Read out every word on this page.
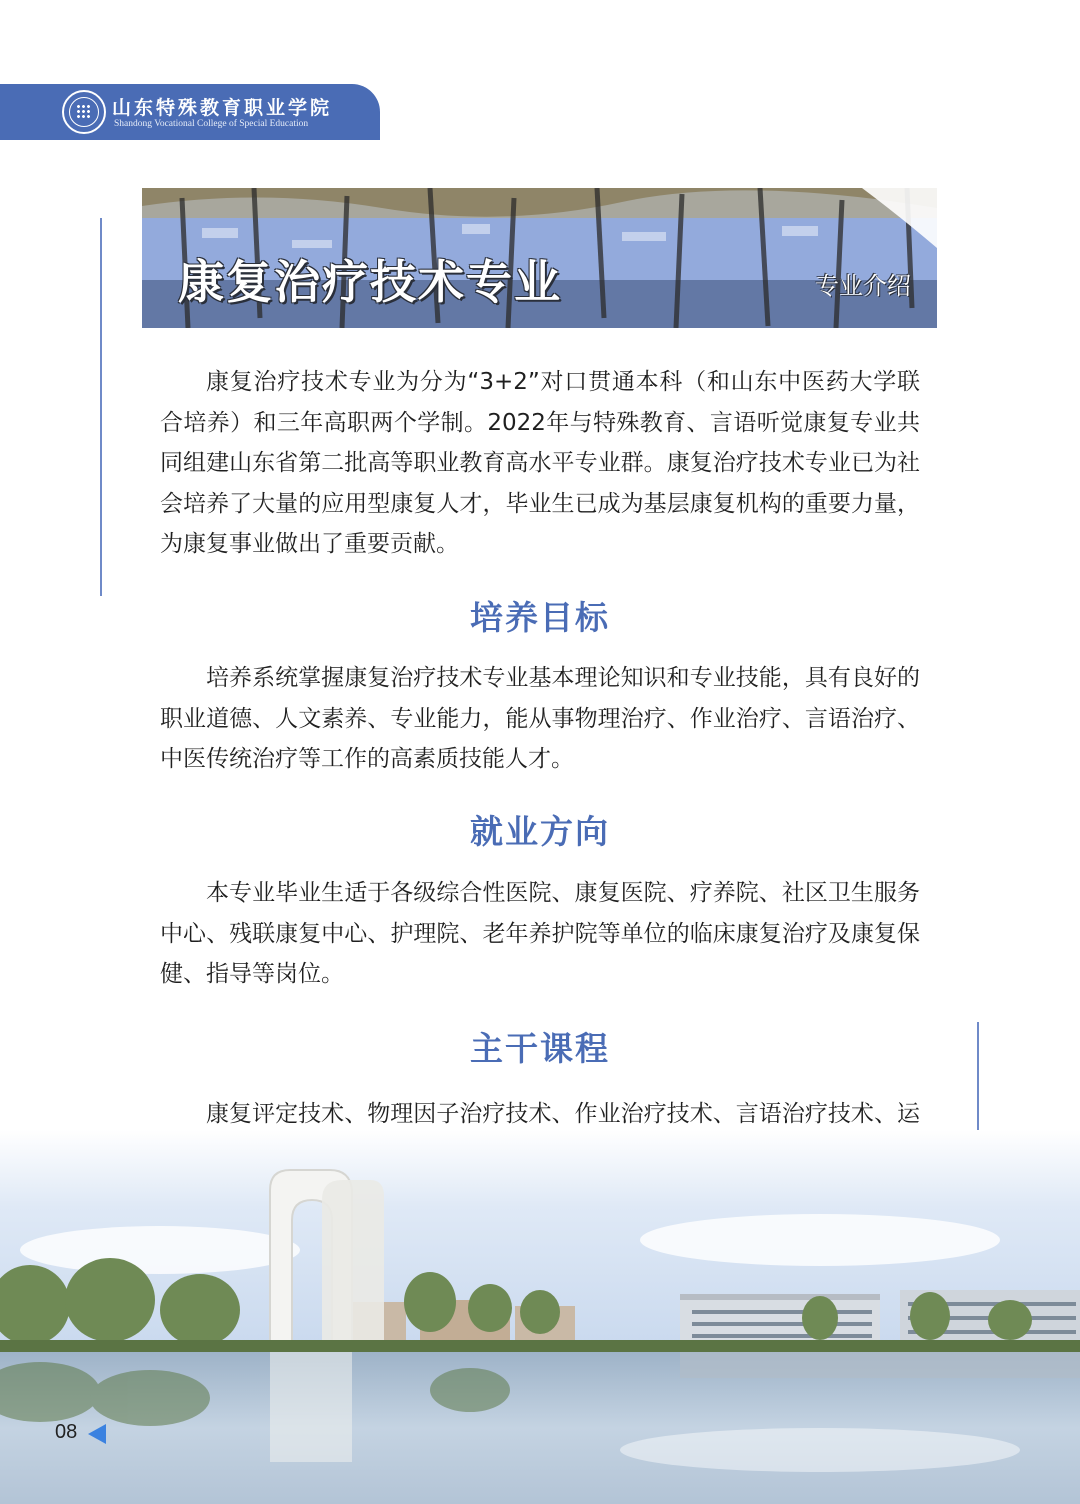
山东特殊教育职业学院
Shandong Vocational College of Special Education
康复治疗技术专业	专业介绍

康复治疗技术专业为分为“3+2”对口贯通本科（和山东中医药大学联合培养）和三年高职两个学制。2022年与特殊教育、言语听觉康复专业共同组建山东省第二批高等职业教育高水平专业群。康复治疗技术专业已为社会培养了大量的应用型康复人才，毕业生已成为基层康复机构的重要力量，为康复事业做出了重要贡献。

培养目标

培养系统掌握康复治疗技术专业基本理论知识和专业技能，具有良好的职业道德、人文素养、专业能力，能从事物理治疗、作业治疗、言语治疗、中医传统治疗等工作的高素质技能人才。

就业方向

本专业毕业生适于各级综合性医院、康复医院、疗养院、社区卫生服务中心、残联康复中心、护理院、老年养护院等单位的临床康复治疗及康复保健、指导等岗位。

主干课程

康复评定技术、物理因子治疗技术、作业治疗技术、言语治疗技术、运

08
